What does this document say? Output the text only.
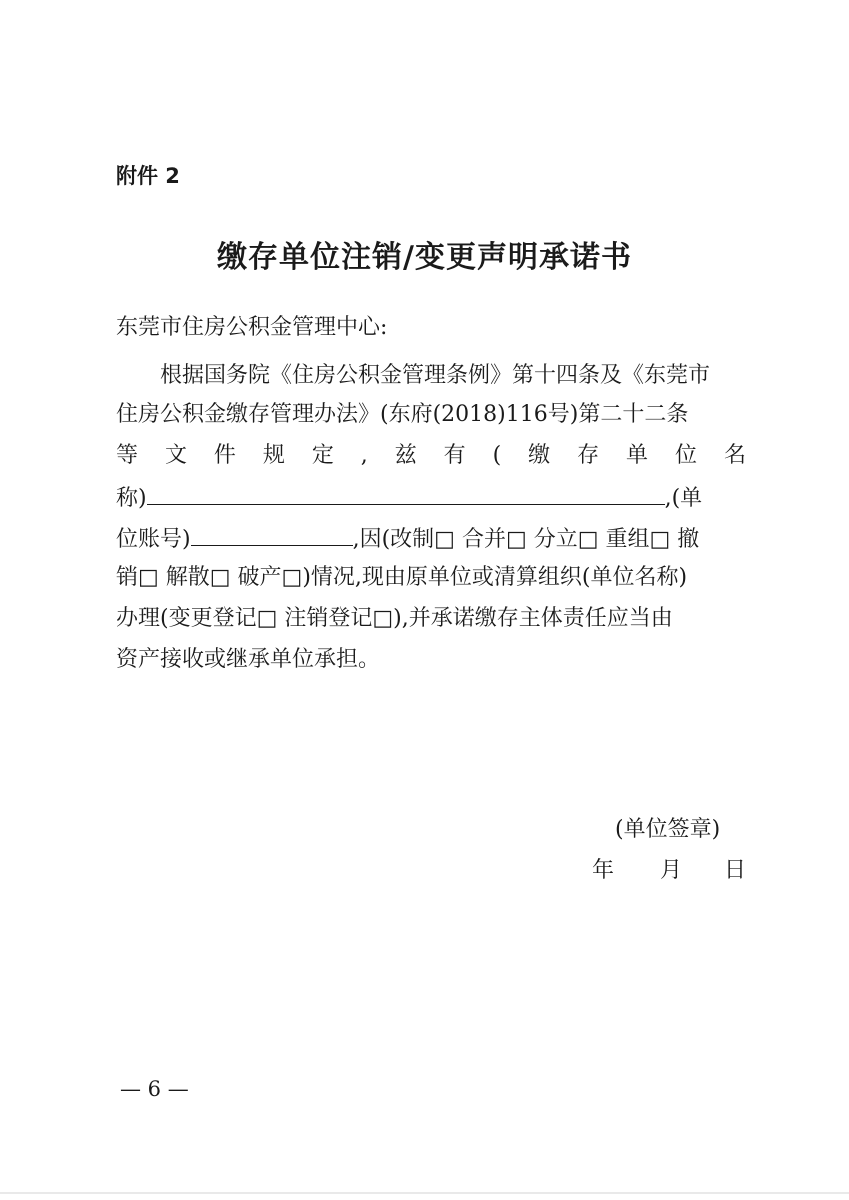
附件 2
缴存单位注销/变更声明承诺书
东莞市住房公积金管理中心:
根据国务院《住房公积金管理条例》第十四条及《东莞市
住房公积金缴存管理办法》(东府(2018)116号)第二十二条
等 文 件 规 定 , 兹 有 ( 缴 存 单 位 名
称)	,(单
位账号)	,因(改制□ 合并□ 分立□ 重组□ 撤
销□ 解散□ 破产□)情况,现由原单位或清算组织(单位名称)
办理(变更登记□ 注销登记□),并承诺缴存主体责任应当由
资产接收或继承单位承担。
(单位签章)
年 月 日
— 6 —
